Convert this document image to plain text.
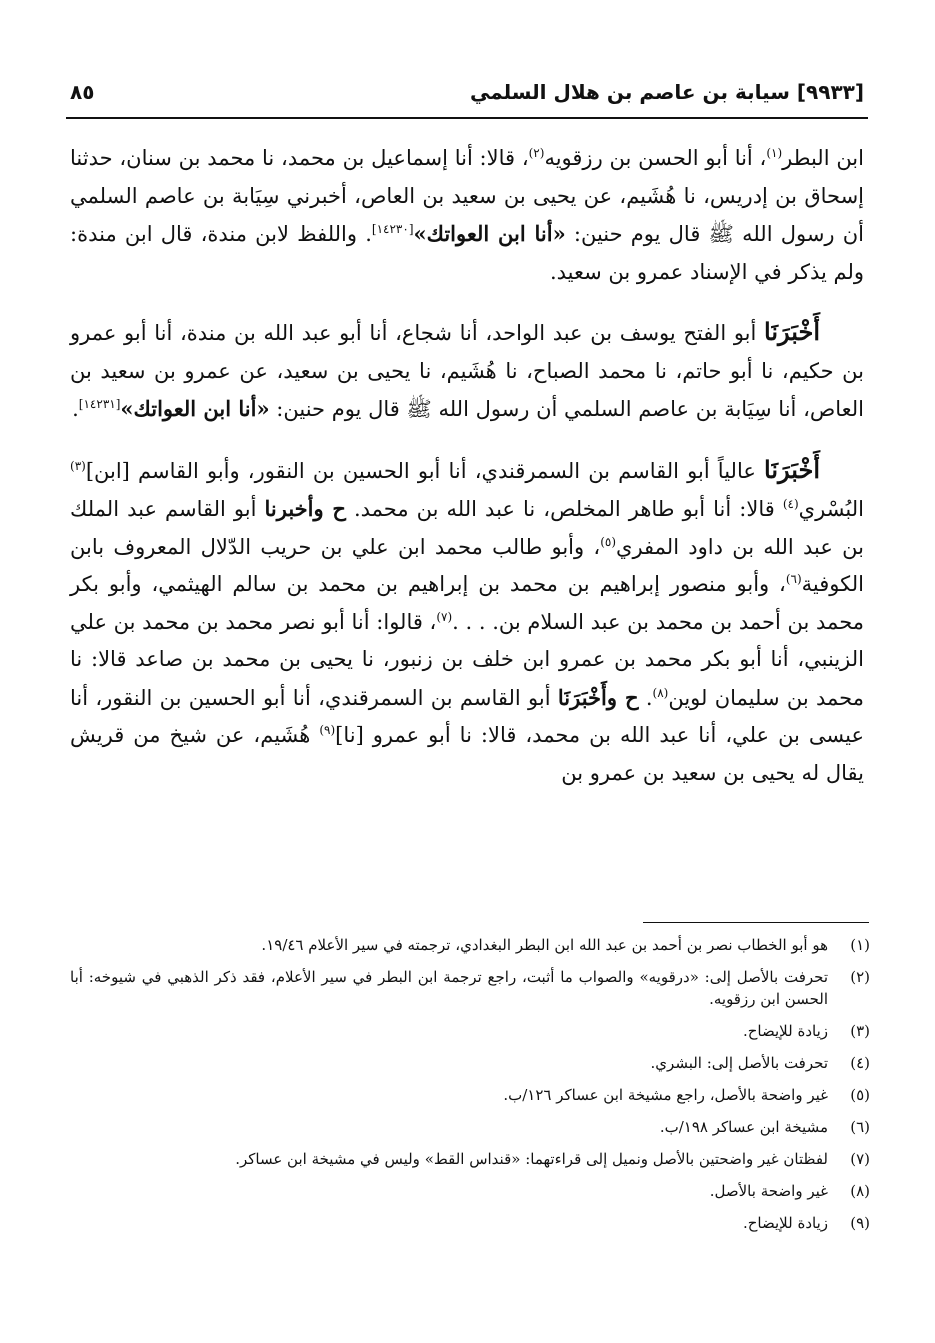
[٩٩٣٣] سيابة بن عاصم بن هلال السلمي
٨٥

ابن البطر$^{(١)}$، أنا أبو الحسن بن رزقويه$^{(٢)}$، قالا: أنا إسماعيل بن محمد، نا محمد بن سنان، حدثنا إسحاق بن إدريس، نا هُشَيم، عن يحيى بن سعيد بن العاص، أخبرني سِيَابة بن عاصم السلمي أن رسول الله ﷺ قال يوم حنين: «أنا ابن العواتك»[١٤٢٣٠]. واللفظ لابن مندة، قال ابن مندة: ولم يذكر في الإسناد عمرو بن سعيد.

أَخْبَرَنَا أبو الفتح يوسف بن عبد الواحد، أنا شجاع، أنا أبو عبد الله بن مندة، أنا أبو عمرو بن حكيم، نا أبو حاتم، نا محمد الصباح، نا هُشَيم، نا يحيى بن سعيد، عن عمرو بن سعيد بن العاص، أنا سِيَابة بن عاصم السلمي أن رسول الله ﷺ قال يوم حنين: «أنا ابن العواتك»[١٤٢٣١].

أَخْبَرَنَا عالياً أبو القاسم بن السمرقندي، أنا أبو الحسين بن النقور، وأبو القاسم [ابن]$^{(٣)}$ البُسْري$^{(٤)}$ قالا: أنا أبو طاهر المخلص، نا عبد الله بن محمد. ح وأخبرنا أبو القاسم عبد الملك بن عبد الله بن داود المفري$^{(٥)}$، وأبو طالب محمد ابن علي بن حريب الدّلال المعروف بابن الكوفية$^{(٦)}$، وأبو منصور إبراهيم بن محمد بن إبراهيم بن محمد بن سالم الهيثمي، وأبو بكر محمد بن أحمد بن محمد بن عبد السلام بن. . . .$^{(٧)}$، قالوا: أنا أبو نصر محمد بن محمد بن علي الزينبي، أنا أبو بكر محمد بن عمرو ابن خلف بن زنبور، نا يحيى بن محمد بن صاعد قالا: نا محمد بن سليمان لوين$^{(٨)}$. ح وأَخْبَرَنَا أبو القاسم بن السمرقندي، أنا أبو الحسين بن النقور، أنا عيسى بن علي، أنا عبد الله بن محمد، قالا: نا أبو عمرو [نا]$^{(٩)}$ هُشَيم، عن شيخ من قريش يقال له يحيى بن سعيد بن عمرو بن

(١)
هو أبو الخطاب نصر بن أحمد بن عبد الله ابن البطر البغدادي، ترجمته في سير الأعلام ١٩/٤٦.
(٢)
تحرفت بالأصل إلى: «درقويه» والصواب ما أثبت، راجع ترجمة ابن البطر في سير الأعلام، فقد ذكر الذهبي في شيوخه: أبا الحسن ابن رزقويه.
(٣)
زيادة للإيضاح.
(٤)
تحرفت بالأصل إلى: البشري.
(٥)
غير واضحة بالأصل، راجع مشيخة ابن عساكر ١٢٦/ب.
(٦)
مشيخة ابن عساكر ١٩٨/ب.
(٧)
لفظتان غير واضحتين بالأصل ونميل إلى قراءتهما: «قنداس القط» وليس في مشيخة ابن عساكر.
(٨)
غير واضحة بالأصل.
(٩)
زيادة للإيضاح.
